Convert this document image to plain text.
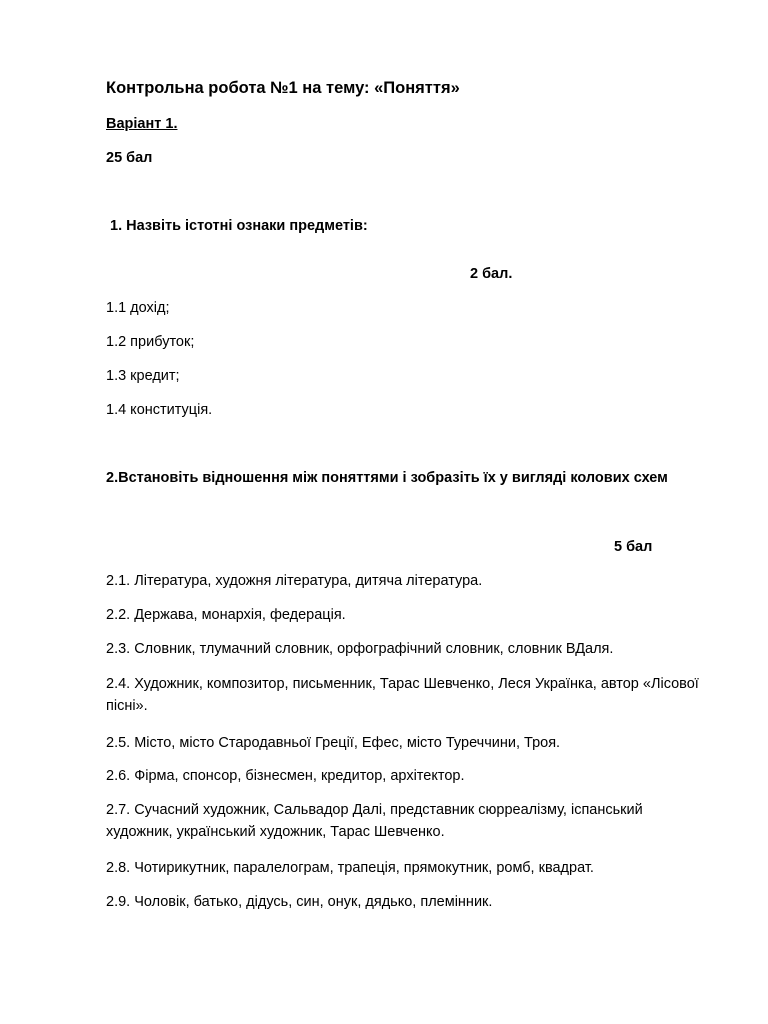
Контрольна робота №1 на тему: «Поняття»
Варіант 1.
25 бал
1. Назвіть істотні ознаки предметів:
2 бал.
1.1 дохід;
1.2 прибуток;
1.3 кредит;
1.4 конституція.
2.Встановіть відношення між поняттями і зобразіть їх у вигляді колових схем
5 бал
2.1. Література, художня література, дитяча література.
2.2. Держава, монархія, федерація.
2.3. Словник, тлумачний словник, орфографічний словник, словник ВДаля.
2.4. Художник, композитор, письменник, Тарас Шевченко, Леся Українка, автор «Лісової пісні».
2.5. Місто, місто Стародавньої Греції, Ефес, місто Туреччини, Троя.
2.6. Фірма, спонсор, бізнесмен, кредитор, архітектор.
2.7. Сучасний художник, Сальвадор Далі, представник сюрреалізму, іспанський художник, український художник, Тарас Шевченко.
2.8. Чотирикутник, паралелограм, трапеція, прямокутник, ромб, квадрат.
2.9. Чоловік, батько, дідусь, син, онук, дядько, племінник.
